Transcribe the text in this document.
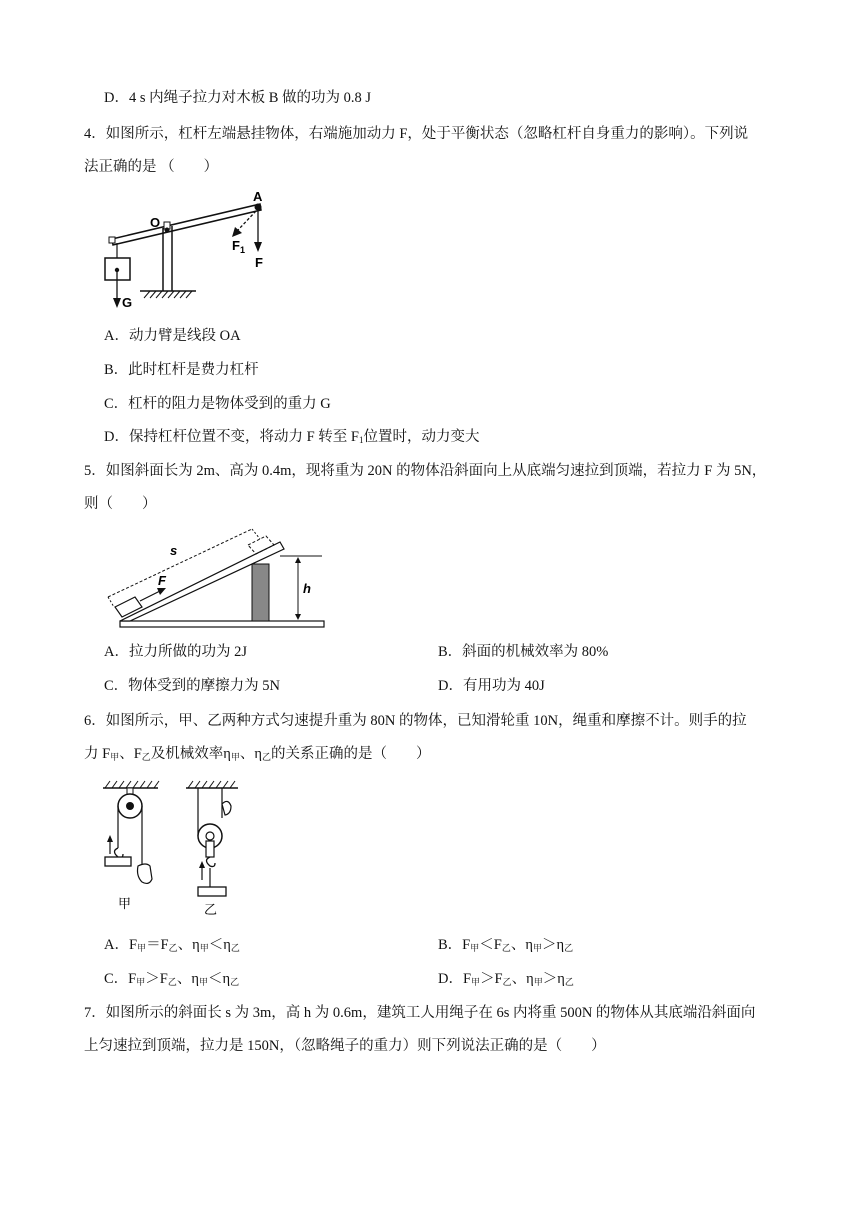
D．4 s 内绳子拉力对木板 B 做的功为 0.8 J
4．如图所示，杠杆左端悬挂物体，右端施加动力 F，处于平衡状态（忽略杠杆自身重力的影响）。下列说
法正确的是 （　　）
G
A
O
F
$F_1$
A．动力臂是线段 OA
B．此时杠杆是费力杠杆
C．杠杆的阻力是物体受到的重力 G
D．保持杠杆位置不变，将动力 F 转至 $F_1$位置时，动力变大
5．如图斜面长为 2m、高为 0.4m，现将重为 20N 的物体沿斜面向上从底端匀速拉到顶端，若拉力 F 为 5N，
则（　　）
s
F
h
A．拉力所做的功为 2J	B．斜面的机械效率为 80%
C．物体受到的摩擦力为 5N	D．有用功为 40J
6．如图所示，甲、乙两种方式匀速提升重为 80N 的物体，已知滑轮重 10N，绳重和摩擦不计。则手的拉
力 $F_甲$、$F_乙$及机械效率$\eta_甲$、$\eta_乙$的关系正确的是（　　）
甲	乙
A．$F_甲=F_乙$、$\eta_甲<\eta_乙$	B．$F_甲<F_乙$、$\eta_甲>\eta_乙$
C．$F_甲>F_乙$、$\eta_甲<\eta_乙$	D．$F_甲>F_乙$、$\eta_甲>\eta_乙$
7．如图所示的斜面长 s 为 3m，高 h 为 0.6m，建筑工人用绳子在 6s 内将重 500N 的物体从其底端沿斜面向
上匀速拉到顶端，拉力是 150N，（忽略绳子的重力）则下列说法正确的是（　　）
